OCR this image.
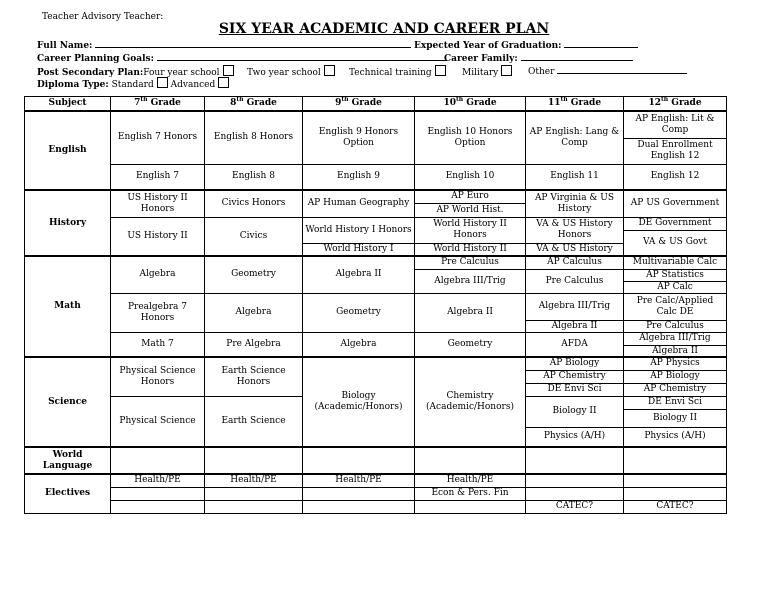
Teacher Advisory Teacher:
SIX YEAR ACADEMIC AND CAREER PLAN
Full Name:	Expected Year of Graduation:
Career Planning Goals:	Career Family:
Post Secondary Plan:Four year school	Two year school	Technical training	Military	Other
Diploma Type: Standard Advanced
Subject	7th Grade	8th Grade	9th Grade	10th Grade	11th Grade	12th Grade
English	English 7 Honors	English 8 Honors	English 9 Honors Option	English 10 Honors Option	AP English: Lang & Comp	AP English: Lit & Comp
						Dual Enrollment English 12
	English 7	English 8	English 9	English 10	English 11	English 12
History	US History II Honors	Civics Honors	AP Human Geography	AP Euro	AP Virginia & US History	AP US Government
				AP World Hist.		
	US History II	Civics	World History I Honors	World History II Honors	VA & US History Honors	DE Government
						VA & US Govt
			World History I	World History II	VA & US History	
Math	Algebra	Geometry	Algebra II	Pre Calculus	AP Calculus	Multivariable Calc
				Algebra III/Trig	Pre Calculus	AP Statistics
						AP Calc
	Prealgebra 7 Honors	Algebra	Geometry	Algebra II	Algebra III/Trig	Pre Calc/Applied Calc DE
					Algebra II	Pre Calculus
	Math 7	Pre Algebra	Algebra	Geometry	AFDA	Algebra III/Trig
						Algebra II

Science	Physical Science Honors	Earth Science Honors	Biology (Academic/Honors)	Chemistry (Academic/Honors)	AP Biology	AP Physics
					AP Chemistry	AP Biology
					DE Envi Sci	AP Chemistry
	Physical Science	Earth Science			Biology II	DE Envi Sci
						Biology II
					Physics (A/H)	Physics (A/H)
World Language						
Electives	Health/PE	Health/PE	Health/PE	Health/PE		
				Econ & Pers. Fin		
					CATEC?	CATEC?
